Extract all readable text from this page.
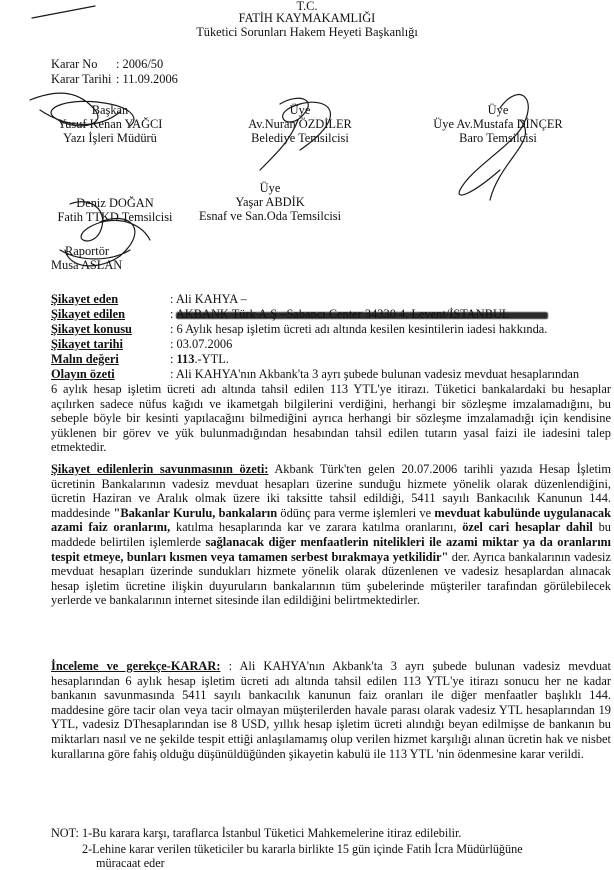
T.C.
FATİH KAYMAKAMLIĞI
Tüketici Sorunları Hakem Heyeti Başkanlığı
Karar No : 2006/50
Karar Tarihi : 11.09.2006
Başkan
Yusuf Kenan YAĞCI
Yazı İşleri Müdürü
Üye
Av.Nuran ÖZDİLER
Belediye Temsilcisi
Üye
Üye Av.Mustafa DİNÇER
Baro Temsilcisi
Deniz DOĞAN
Fatih TTKD Temsilcisi
Üye
Yaşar ABDİK
Esnaf ve San.Oda Temsilcisi
Raportör
Musa ASLAN
Şikayet eden	: Ali KAHYA –
Şikayet edilen	: AKBANK Türk A.Ş –Sabancı Center 34330 4. Levent/İSTANBUL
Şikayet konusu	: 6 Aylık hesap işletim ücreti adı altında kesilen kesintilerin iadesi hakkında.
Şikayet tarihi	: 03.07.2006
Malın değeri	: 113.-YTL.
Olayın özeti	: Ali KAHYA'nın Akbank'ta 3 ayrı şubede bulunan vadesiz mevduat hesaplarından
6 aylık hesap işletim ücreti adı altında tahsil edilen 113 YTL'ye itirazı. Tüketici bankalardaki bu hesaplar açılırken sadece nüfus kağıdı ve ikametgah bilgilerini verdiğini, herhangi bir sözleşme imzalamadığını, bu sebeple böyle bir kesinti yapılacağını bilmediğini ayrıca herhangi bir sözleşme imzalamadığı için kendisine yüklenen bir görev ve yük bulunmadığından hesabından tahsil edilen tutarın yasal faizi ile iadesini talep etmektedir.

Şikayet edilenlerin savunmasının özeti: Akbank Türk'ten gelen 20.07.2006 tarihli yazıda Hesap İşletim ücretinin Bankalarının vadesiz mevduat hesapları üzerine sunduğu hizmete yönelik olarak düzenlendiğini, ücretin Haziran ve Aralık olmak üzere iki taksitte tahsil edildiği, 5411 sayılı Bankacılık Kanunun 144. maddesinde "Bakanlar Kurulu, bankaların ödünç para verme işlemleri ve mevduat kabulünde uygulanacak azami faiz oranlarını, katılma hesaplarında kar ve zarara katılma oranlarını, özel cari hesaplar dahil bu maddede belirtilen işlemlerde sağlanacak diğer menfaatlerin nitelikleri ile azami miktar ya da oranlarını tespit etmeye, bunları kısmen veya tamamen serbest bırakmaya yetkilidir" der. Ayrıca bankalarının vadesiz mevduat hesapları üzerinde sundukları hizmete yönelik olarak düzenlenen ve vadesiz hesaplardan alınacak hesap işletim ücretine ilişkin duyuruların bankalarının tüm şubelerinde müşteriler tarafından görülebilecek yerlerde ve bankalarının internet sitesinde ilan edildiğini belirtmektedirler.

İnceleme ve gerekçe-KARAR: : Ali KAHYA'nın Akbank'ta 3 ayrı şubede bulunan vadesiz mevduat hesaplarından 6 aylık hesap işletim ücreti adı altında tahsil edilen 113 YTL'ye itirazı sonucu her ne kadar bankanın savunmasında 5411 sayılı bankacılık kanunun faiz oranları ile diğer menfaatler başlıklı 144. maddesine göre tacir olan veya tacir olmayan müşterilerden havale parası olarak vadesiz YTL hesaplarından 19 YTL, vadesiz DThesaplarından ise 8 USD, yıllık hesap işletim ücreti alındığı beyan edilmişse de bankanın bu miktarları nasıl ve ne şekilde tespit ettiği anlaşılamamış olup verilen hizmet karşılığı alınan ücretin hak ve nisbet kurallarına göre fahiş olduğu düşünüldüğünden şikayetin kabulü ile 113 YTL 'nin ödenmesine karar verildi.

NOT: 1-Bu karara karşı, taraflarca İstanbul Tüketici Mahkemelerine itiraz edilebilir.
2-Lehine karar verilen tüketiciler bu kararla birlikte 15 gün içinde Fatih İcra Müdürlüğüne
müracaat eder
